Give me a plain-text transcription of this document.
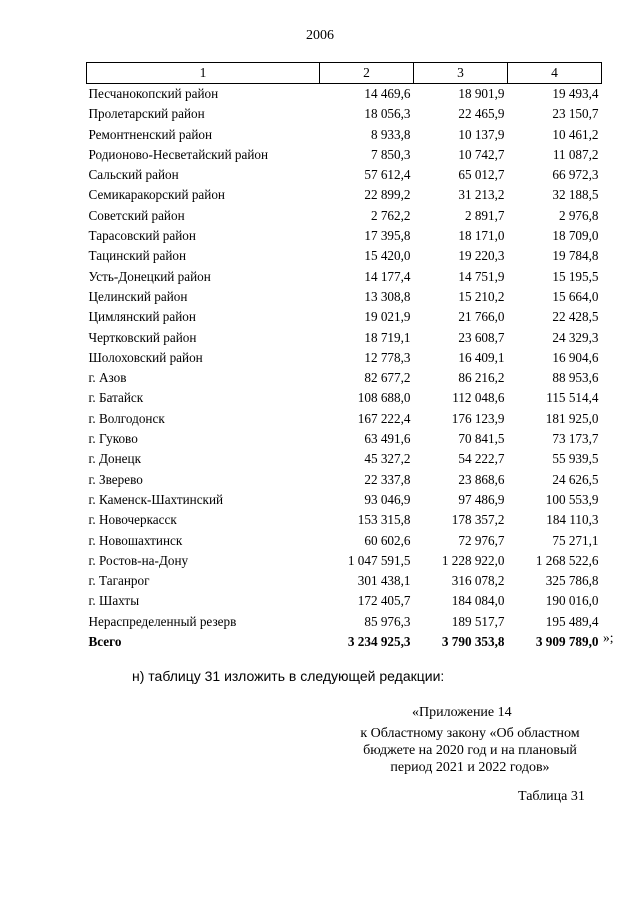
2006
1	2	3	4
Песчанокопский район	14 469,6	18 901,9	19 493,4
Пролетарский район	18 056,3	22 465,9	23 150,7
Ремонтненский район	8 933,8	10 137,9	10 461,2
Родионово-Несветайский район	7 850,3	10 742,7	11 087,2
Сальский район	57 612,4	65 012,7	66 972,3
Семикаракорский район	22 899,2	31 213,2	32 188,5
Советский район	2 762,2	2 891,7	2 976,8
Тарасовский район	17 395,8	18 171,0	18 709,0
Тацинский район	15 420,0	19 220,3	19 784,8
Усть-Донецкий район	14 177,4	14 751,9	15 195,5
Целинский район	13 308,8	15 210,2	15 664,0
Цимлянский район	19 021,9	21 766,0	22 428,5
Чертковский район	18 719,1	23 608,7	24 329,3
Шолоховский район	12 778,3	16 409,1	16 904,6
г. Азов	82 677,2	86 216,2	88 953,6
г. Батайск	108 688,0	112 048,6	115 514,4
г. Волгодонск	167 222,4	176 123,9	181 925,0
г. Гуково	63 491,6	70 841,5	73 173,7
г. Донецк	45 327,2	54 222,7	55 939,5
г. Зверево	22 337,8	23 868,6	24 626,5
г. Каменск-Шахтинский	93 046,9	97 486,9	100 553,9
г. Новочеркасск	153 315,8	178 357,2	184 110,3
г. Новошахтинск	60 602,6	72 976,7	75 271,1
г. Ростов-на-Дону	1 047 591,5	1 228 922,0	1 268 522,6
г. Таганрог	301 438,1	316 078,2	325 786,8
г. Шахты	172 405,7	184 084,0	190 016,0
Нераспределенный резерв	85 976,3	189 517,7	195 489,4
Всего	3 234 925,3	3 790 353,8	3 909 789,0 »;
н) таблицу 31 изложить в следующей редакции:
«Приложение 14
к Областному закону «Об областном
бюджете на 2020 год и на плановый
период 2021 и 2022 годов»
Таблица 31
